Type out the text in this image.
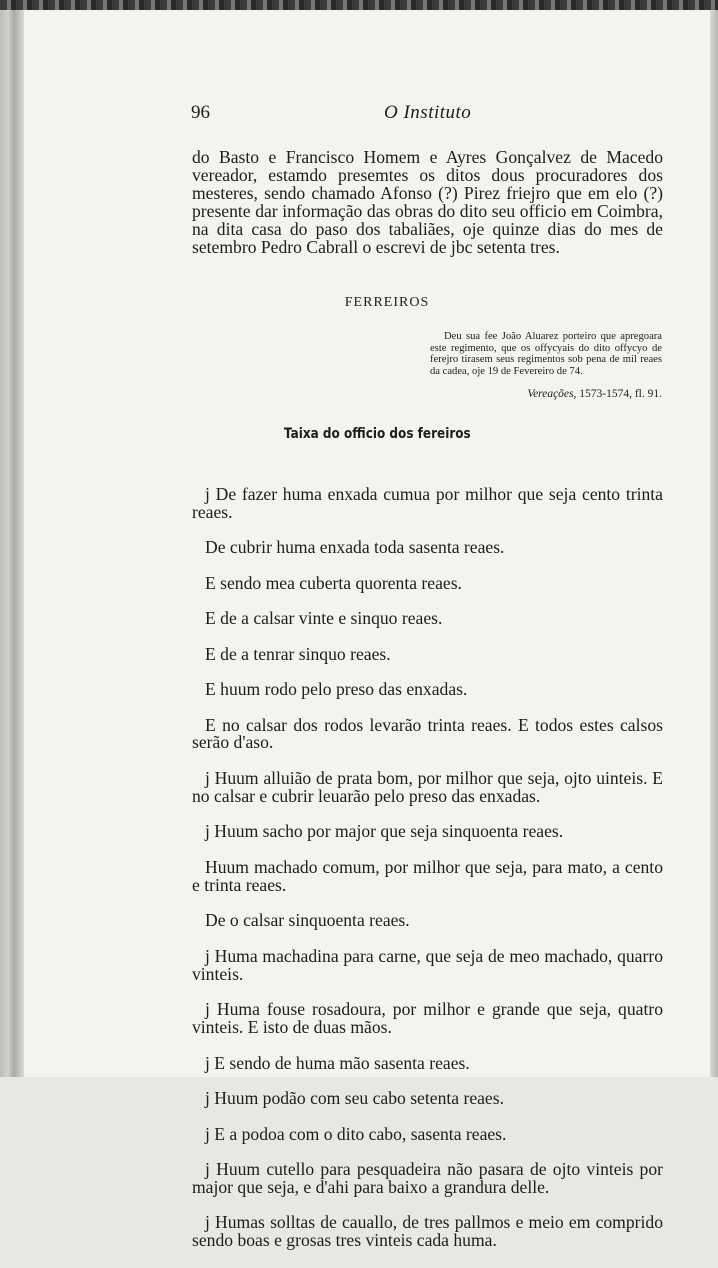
96	O Instituto

do Basto e Francisco Homem e Ayres Gonçalvez de Macedo vereador, estamdo presemtes os ditos dous procuradores dos mesteres, sendo chamado Afonso (?) Pirez friejro que em elo (?) presente dar informação das obras do dito seu officio em Coimbra, na dita casa do paso dos tabaliães, oje quinze dias do mes de setembro Pedro Cabrall o escrevi de jbc setenta tres.

FERREIROS

Deu sua fee João Aluarez porteiro que apregoara este regimento, que os offycyais do dito offycyo de ferejro tirasem seus regimentos sob pena de mil reaes da cadea, oje 19 de Fevereiro de 74.

Vereações, 1573-1574, fl. 91.
Taixa do officio dos fereiros

j De fazer huma enxada cumua por milhor que seja cento trinta reaes.

De cubrir huma enxada toda sasenta reaes.

E sendo mea cuberta quorenta reaes.

E de a calsar vinte e sinquo reaes.

E de a tenrar sinquo reaes.

E huum rodo pelo preso das enxadas.

E no calsar dos rodos levarão trinta reaes. E todos estes calsos serão d'aso.

j Huum alluião de prata bom, por milhor que seja, ojto uinteis. E no calsar e cubrir leuarão pelo preso das enxadas.

j Huum sacho por major que seja sinquoenta reaes.

Huum machado comum, por milhor que seja, para mato, a cento e trinta reaes.

De o calsar sinquoenta reaes.

j Huma machadina para carne, que seja de meo machado, quarro vinteis.

j Huma fouse rosadoura, por milhor e grande que seja, quatro vinteis. E isto de duas mãos.

j E sendo de huma mão sasenta reaes.

j Huum podão com seu cabo setenta reaes.

j E a podoa com o dito cabo, sasenta reaes.

j Huum cutello para pesquadeira não pasara de ojto vinteis por major que seja, e d'ahi para baixo a grandura delle.

j Humas solltas de cauallo, de tres pallmos e meio em comprido sendo boas e grosas tres vinteis cada huma.
